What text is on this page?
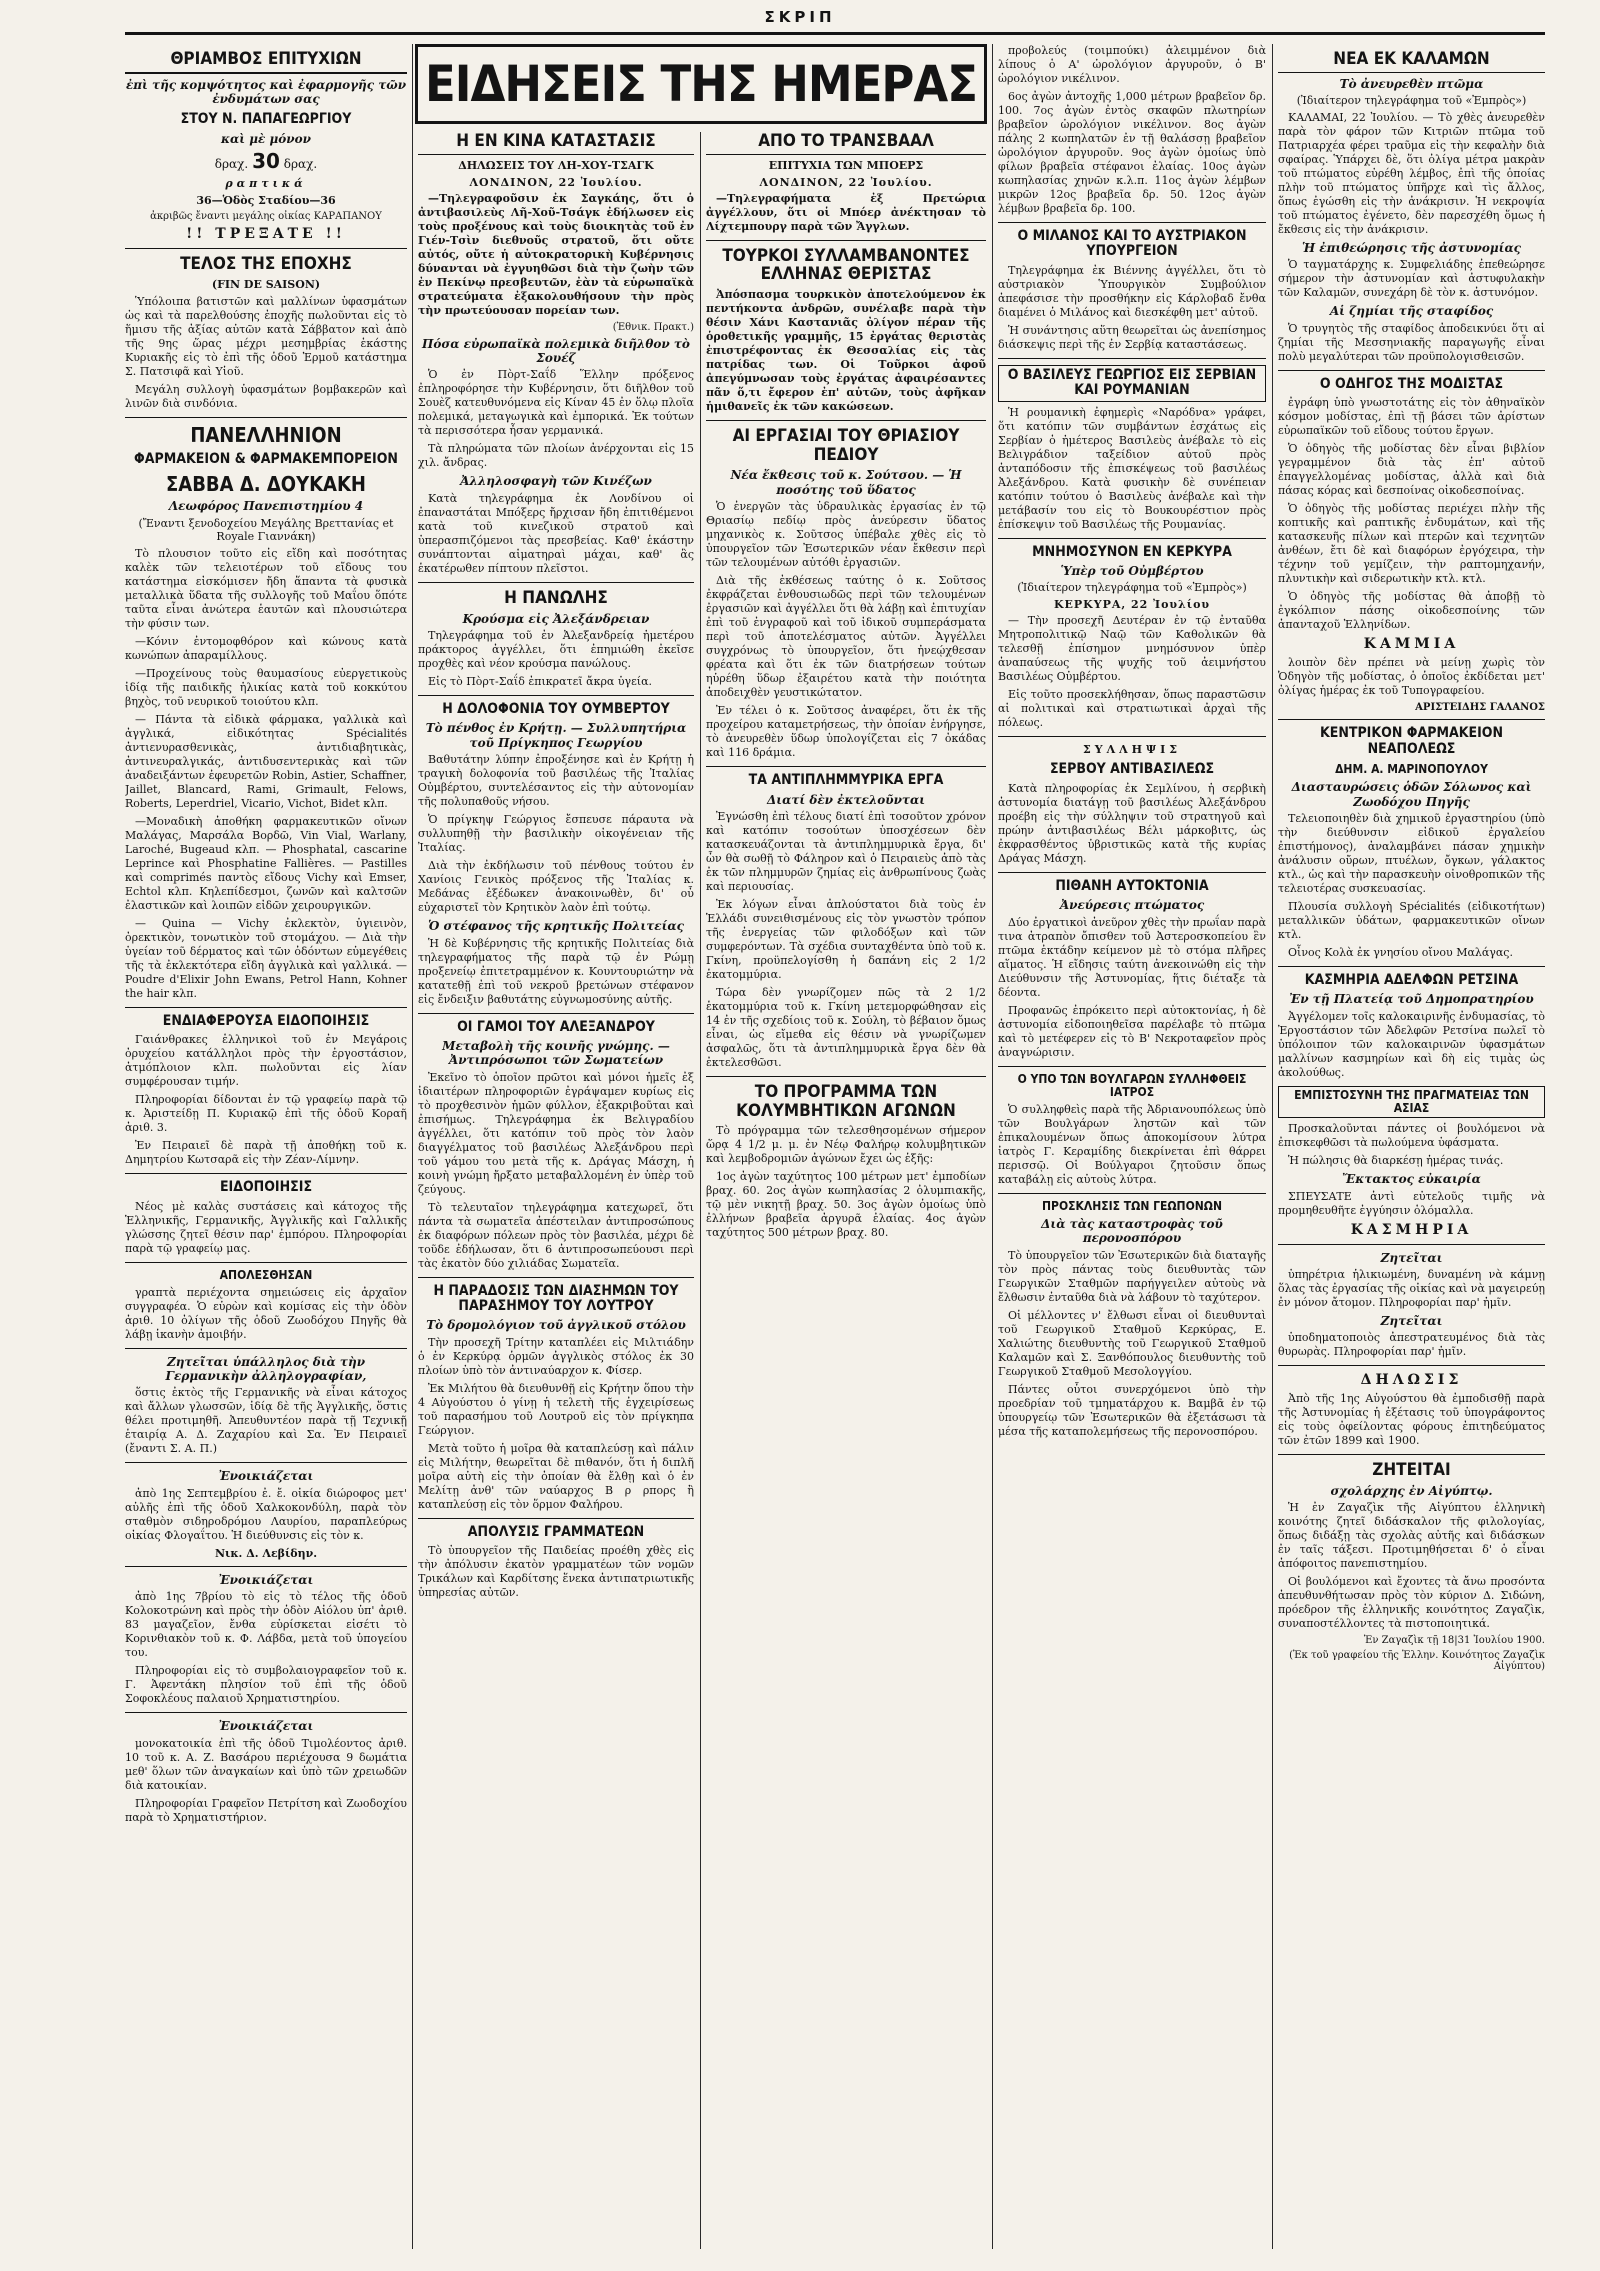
ΣΚΡΙΠ
ΘΡΙΑΜΒΟΣ ΕΠΙΤΥΧΙΩΝ
ἐπὶ τῆς κομψότητος καὶ ἐφαρμογῆς τῶν ἐνδυμάτων σας
ΣΤΟΥ Ν. ΠΑΠΑΓΕΩΡΓΙΟΥ
καὶ μὲ μόνον
δραχ. 30 δραχ.
ραπτικά
36—Ὁδὸς Σταδίου—36
ἀκριβῶς ἔναντι μεγάλης οἰκίας ΚΑΡΑΠΑΝΟΥ
!! ΤΡΕΞΑΤΕ !!
ΤΕΛΟΣ ΤΗΣ ΕΠΟΧΗΣ
(FIN DE SAISON)

Ὑπόλοιπα βατιστῶν καὶ μαλλίνων ὑφασμάτων ὡς καὶ τὰ παρελθούσης ἐποχῆς πωλοῦνται εἰς τὸ ἥμισυ τῆς ἀξίας αὐτῶν κατὰ Σάββατον καὶ ἀπὸ τῆς 9ης ὥρας μέχρι μεσημβρίας ἑκάστης Κυριακῆς εἰς τὸ ἐπὶ τῆς ὁδοῦ Ἑρμοῦ κατάστημα Σ. Πατσιφᾶ καὶ Υἱοῦ.

Μεγάλη συλλογὴ ὑφασμάτων βομβακερῶν καὶ λινῶν διὰ σινδόνια.

ΠΑΝΕΛΛΗΝΙΟΝ
ΦΑΡΜΑΚΕΙΟΝ & ΦΑΡΜΑΚΕΜΠΟΡΕΙΟΝ
ΣΑΒΒΑ Δ. ΔΟΥΚΑΚΗ
Λεωφόρος Πανεπιστημίου 4
(Ἔναντι ξενοδοχείου Μεγάλης Βρεττανίας et Royale Γιαννάκη)

Τὸ πλουσιον τοῦτο εἰς εἴδη καὶ ποσότητας καλὲκ τῶν τελειοτέρων τοῦ εἴδους του κατάστημα εἰσκόμισεν ἤδη ἅπαντα τὰ φυσικὰ μεταλλικὰ ὕδατα τῆς συλλογῆς τοῦ Μαΐου ὅπότε ταῦτα εἶναι ἀνώτερα ἑαυτῶν καὶ πλουσιώτερα τὴν φύσιν των.

—Κόνιν ἐντομοφθόρον καὶ κώνους κατὰ κωνώπων ἀπαραμίλλους.

—Προχείνους τοὺς θαυμασίους εὐεργετικοὺς ἰδίᾳ τῆς παιδικῆς ἡλικίας κατὰ τοῦ κοκκύτου βηχὸς, τοῦ νευρικοῦ τοιούτου κλπ.

— Πάντα τὰ εἰδικὰ φάρμακα, γαλλικὰ καὶ ἀγγλικά, εἰδικότητας Spécialités ἀντιενυρασθενικὰς, ἀντιδιαβητικὰς, ἀντινευραλγικάς, ἀντιδυσεντερικὰς καὶ τῶν ἀναδειξάντων ἐφευρετῶν Robin, Astier, Schaffner, Jaillet, Blancard, Rami, Grimault, Felows, Roberts, Leperdriel, Vicario, Vichot, Bidet κλπ.

—Μοναδικὴ ἀποθήκη φαρμακευτικῶν οἴνων Μαλάγας, Μαρσάλα Βορδῶ, Vin Vial, Warlany, Laroché, Bugeaud κλπ. — Phosphatal, cascarine Leprince καὶ Phosphatine Fallières. — Pastilles καὶ comprimés παντὸς εἴδους Vichy καὶ Emser, Echtol κλπ. Κηλεπίδεσμοι, ζωνῶν καὶ καλτσῶν ἐλαστικῶν καὶ λοιπῶν εἰδῶν χειρουργικῶν.

— Quina — Vichy ἐκλεκτὸν, ὑγιεινὸν, ὀρεκτικὸν, τονωτικὸν τοῦ στομάχου. — Διὰ τὴν ὑγείαν τοῦ δέρματος καὶ τῶν ὀδόντων εὐμεγέθεις τῆς τὰ ἐκλεκτότερα εἴδη ἀγγλικὰ καὶ γαλλικά. — Poudre d'Elixir John Ewans, Petrol Hann, Kohner the hair κλπ.

ΕΝΔΙΑΦΕΡΟΥΣΑ ΕΙΔΟΠΟΙΗΣΙΣ

Γαιάνθρακες ἑλληνικοὶ τοῦ ἐν Μεγάροις ὀρυχείου κατάλληλοι πρὸς τὴν ἐργοστάσιον, ἀτμόπλοιον κλπ. πωλοῦνται εἰς λίαν συμφέρουσαν τιμήν.

Πληροφορίαι δίδονται ἐν τῷ γραφείῳ παρὰ τῷ κ. Ἀριστείδῃ Π. Κυριακῷ ἐπὶ τῆς ὁδοῦ Κοραῆ ἀριθ. 3.

Ἐν Πειραιεῖ δὲ παρὰ τῇ ἀποθήκῃ τοῦ κ. Δημητρίου Κωτσαρᾶ εἰς τὴν Ζέαν-Λίμνην.

ΕΙΔΟΠΟΙΗΣΙΣ

Νέος μὲ καλὰς συστάσεις καὶ κάτοχος τῆς Ἑλληνικῆς, Γερμανικῆς, Ἀγγλικῆς καὶ Γαλλικῆς γλώσσης ζητεῖ θέσιν παρ' ἐμπόρου. Πληροφορίαι παρὰ τῷ γραφείῳ μας.

ΑΠΟΛΕΣΘΗΣΑΝ

γραπτὰ περιέχοντα σημειώσεις εἰς ἀρχαῖον συγγραφέα. Ὁ εὑρὼν καὶ κομίσας εἰς τὴν ὁδὸν ἀριθ. 10 ὀλίγων τῆς ὁδοῦ Ζωοδόχου Πηγῆς θὰ λάβῃ ἱκανὴν ἀμοιβήν.

Ζητεῖται ὑπάλληλος διὰ τὴν Γερμανικὴν ἀλληλογραφίαν,

ὅστις ἐκτὸς τῆς Γερμανικῆς νὰ εἶναι κάτοχος καὶ ἄλλων γλωσσῶν, ἰδίᾳ δὲ τῆς Ἀγγλικῆς, ὅστις θέλει προτιμηθῆ. Ἀπευθυντέον παρὰ τῇ Τεχνικῇ ἑταιρίᾳ Α. Δ. Ζαχαρίου καὶ Σα. Ἐν Πειραιεῖ (ἔναντι Σ. Α. Π.)

Ἐνοικιάζεται

ἀπὸ 1ης Σεπτεμβρίου ἐ. ἔ. οἰκία διώροφος μετ' αὐλῆς ἐπὶ τῆς ὁδοῦ Χαλκοκονδύλη, παρὰ τὸν σταθμὸν σιδηροδρόμου Λαυρίου, παραπλεύρως οἰκίας Φλογαΐτου. Ἡ διεύθυνσις εἰς τὸν κ.

Νικ. Δ. Λεβίδην.
Ἐνοικιάζεται

ἀπὸ 1ης 7βρίου τὸ εἰς τὸ τέλος τῆς ὁδοῦ Κολοκοτρώνη καὶ πρὸς τὴν ὁδὸν Αἰόλου ὑπ' ἀριθ. 83 μαγαζεῖον, ἔνθα εὑρίσκεται εἰσέτι τὸ Κορινθιακὸν τοῦ κ. Φ. Λάβδα, μετὰ τοῦ ὑπογείου του.

Πληροφορίαι εἰς τὸ συμβολαιογραφεῖον τοῦ κ. Γ. Ἀφεντάκη πλησίον τοῦ ἐπὶ τῆς ὁδοῦ Σοφοκλέους παλαιοῦ Χρηματιστηρίου.

Ἐνοικιάζεται

μονοκατοικία ἐπὶ τῆς ὁδοῦ Τιμολέοντος ἀριθ. 10 τοῦ κ. Α. Ζ. Βασάρου περιέχουσα 9 δωμάτια μεθ' ὅλων τῶν ἀναγκαίων καὶ ὑπὸ τῶν χρειωδῶν διὰ κατοικίαν.

Πληροφορίαι Γραφεῖον Πετρίτση καὶ Ζωοδοχίου παρὰ τὸ Χρηματιστήριον.

ΕΙΔΗΣΕΙΣ ΤΗΣ ΗΜΕΡΑΣ
Η ΕΝ ΚΙΝΑ ΚΑΤΑΣΤΑΣΙΣ
ΔΗΛΩΣΕΙΣ ΤΟΥ ΛΗ-ΧΟΥ-ΤΣΑΓΚ
ΛΟΝΔΙΝΟΝ, 22 Ἰουλίου.

—Τηλεγραφοῦσιν ἐκ Σαγκάης, ὅτι ὁ ἀντιβασιλεὺς Λῆ-Χοῦ-Τσάγκ ἐδήλωσεν εἰς τοὺς προξένους καὶ τοὺς διοικητὰς τοῦ ἐν Γιέν-Τσὶν διεθνοῦς στρατοῦ, ὅτι οὔτε αὐτός, οὔτε ἡ αὐτοκρατορικὴ Κυβέρνησις δύνανται νὰ ἐγγυηθῶσι διὰ τὴν ζωὴν τῶν ἐν Πεκίνῳ πρεσβευτῶν, ἐὰν τὰ εὐρωπαϊκὰ στρατεύματα ἐξακολουθήσουν τὴν πρὸς τὴν πρωτεύουσαν πορείαν των.

(Ἐθνικ. Πρακτ.)
Πόσα εὐρωπαϊκὰ πολεμικὰ διῆλθον τὸ Σουέζ

Ὁ ἐν Πὸρτ-Σαΐδ Ἕλλην πρόξενος ἐπληροφόρησε τὴν Κυβέρνησιν, ὅτι διῆλθον τοῦ Σουὲζ κατευθυνόμενα εἰς Κίναν 45 ἐν ὅλῳ πλοῖα πολεμικά, μεταγωγικὰ καὶ ἐμπορικά. Ἐκ τούτων τὰ περισσότερα ἦσαν γερμανικά.

Τὰ πληρώματα τῶν πλοίων ἀνέρχονται εἰς 15 χιλ. ἄνδρας.

Ἀλληλοσφαγὴ τῶν Κινέζων

Κατὰ τηλεγράφημα ἐκ Λονδίνου οἱ ἐπαναστάται Μπόξερς ἤρχισαν ἤδη ἐπιτιθέμενοι κατὰ τοῦ κινεζικοῦ στρατοῦ καὶ ὑπερασπιζόμενοι τὰς πρεσβείας. Καθ' ἑκάστην συνάπτονται αἱματηραὶ μάχαι, καθ' ἃς ἑκατέρωθεν πίπτουν πλεῖστοι.

Η ΠΑΝΩΛΗΣ
Κρούσμα εἰς Ἀλεξάνδρειαν

Τηλεγράφημα τοῦ ἐν Ἀλεξανδρείᾳ ἡμετέρου πράκτορος ἀγγέλλει, ὅτι ἐπημιώθη ἐκεῖσε προχθὲς καὶ νέον κρούσμα πανώλους.

Εἰς τὸ Πὸρτ-Σαΐδ ἐπικρατεῖ ἄκρα ὑγεία.

Η ΔΟΛΟΦΟΝΙΑ ΤΟΥ ΟΥΜΒΕΡΤΟΥ
Τὸ πένθος ἐν Κρήτῃ. — Συλλυπητήρια τοῦ Πρίγκηπος Γεωργίου

Βαθυτάτην λύπην ἐπροξένησε καὶ ἐν Κρήτῃ ἡ τραγικὴ δολοφονία τοῦ βασιλέως τῆς Ἰταλίας Οὐμβέρτου, συντελέσαντος εἰς τὴν αὐτονομίαν τῆς πολυπαθοῦς νήσου.

Ὁ πρίγκηψ Γεώργιος ἔσπευσε πάραυτα νὰ συλλυπηθῇ τὴν βασιλικὴν οἰκογένειαν τῆς Ἰταλίας.

Διὰ τὴν ἐκδήλωσιν τοῦ πένθους τούτου ἐν Χανίοις Γενικὸς πρόξενος τῆς Ἰταλίας κ. Μεδάνας ἐξέδωκεν ἀνακοινωθὲν, δι' οὗ εὐχαριστεῖ τὸν Κρητικὸν λαὸν ἐπὶ τούτῳ.

Ὁ στέφανος τῆς κρητικῆς Πολιτείας

Ἡ δὲ Κυβέρνησις τῆς κρητικῆς Πολιτείας διὰ τηλεγραφήματος τῆς παρὰ τῷ ἐν Ρώμῃ προξενείῳ ἐπιτετραμμένον κ. Κουντουριώτην νὰ κατατεθῇ ἐπὶ τοῦ νεκροῦ βρετώνων στέφανον εἰς ἔνδειξιν βαθυτάτης εὐγνωμοσύνης αὐτῆς.

ΟΙ ΓΑΜΟΙ ΤΟΥ ΑΛΕΞΑΝΔΡΟΥ
Μεταβολὴ τῆς κοινῆς γνώμης. — Ἀντιπρόσωποι τῶν Σωματείων

Ἐκεῖνο τὸ ὁποῖον πρῶτοι καὶ μόνοι ἡμεῖς ἐξ ἰδιαιτέρων πληροφοριῶν ἐγράψαμεν κυρίως εἰς τὸ προχθεσινὸν ἡμῶν φύλλον, ἐξακριβοῦται καὶ ἐπισήμως. Τηλεγράφημα ἐκ Βελιγραδίου ἀγγέλλει, ὅτι κατόπιν τοῦ πρὸς τὸν λαὸν διαγγέλματος τοῦ βασιλέως Ἀλεξάνδρου περὶ τοῦ γάμου του μετὰ τῆς κ. Δράγας Μάσχη, ἡ κοινὴ γνώμη ἤρξατο μεταβαλλομένη ἐν ὑπὲρ τοῦ ζεύγους.

Τὸ τελευταῖον τηλεγράφημα κατεχωρεῖ, ὅτι πάντα τὰ σωματεῖα ἀπέστειλαν ἀντιπροσώπους ἐκ διαφόρων πόλεων πρὸς τὸν βασιλέα, μέχρι δὲ τοῦδε ἐδήλωσαν, ὅτι 6 ἀντιπροσωπεύουσι περὶ τὰς ἑκατὸν δύο χιλιάδας Σωματεῖα.

Η ΠΑΡΑΔΟΣΙΣ ΤΩΝ ΔΙΑΣΗΜΩΝ ΤΟΥ ΠΑΡΑΣΗΜΟΥ ΤΟΥ ΛΟΥΤΡΟΥ
Τὸ δρομολόγιον τοῦ ἀγγλικοῦ στόλου

Τὴν προσεχῆ Τρίτην καταπλέει εἰς Μιλτιάδην ὁ ἐν Κερκύρᾳ ὁρμῶν ἀγγλικὸς στόλος ἐκ 30 πλοίων ὑπὸ τὸν ἀντιναύαρχον κ. Φίσερ.

Ἐκ Μιλήτου θὰ διευθυνθῇ εἰς Κρήτην ὅπου τὴν 4 Αὐγούστου ὁ γίνῃ ἡ τελετὴ τῆς ἐγχειρίσεως τοῦ παρασήμου τοῦ Λουτροῦ εἰς τὸν πρίγκηπα Γεώργιον.

Μετὰ τοῦτο ἡ μοῖρα θὰ καταπλεύσῃ καὶ πάλιν εἰς Μιλήτην, θεωρεῖται δὲ πιθανόν, ὅτι ἡ διπλῆ μοῖρα αὐτὴ εἰς τὴν ὁποίαν θὰ ἔλθῃ καὶ ὁ ἐν Μελίτῃ ἀνθ' τῶν ναύαρχος Β ρ ρπορς ἢ καταπλεύσῃ εἰς τὸν ὅρμον Φαλήρου.

ΑΠΟΛΥΣΙΣ ΓΡΑΜΜΑΤΕΩΝ

Τὸ ὑπουργεῖον τῆς Παιδείας προέθη χθὲς εἰς τὴν ἀπόλυσιν ἑκατὸν γραμματέων τῶν νομῶν Τρικάλων καὶ Καρδίτσης ἕνεκα ἀντιπατριωτικῆς ὑπηρεσίας αὐτῶν.

ΑΠΟ ΤΟ ΤΡΑΝΣΒΑΑΛ
ΕΠΙΤΥΧΙΑ ΤΩΝ ΜΠΟΕΡΣ
ΛΟΝΔΙΝΟΝ, 22 Ἰουλίου.

—Τηλεγραφήματα ἐξ Πρετώρια ἀγγέλλουν, ὅτι οἱ Μπόερ ἀνέκτησαν τὸ Λίχτεμπουργ παρὰ τῶν Ἄγγλων.

ΤΟΥΡΚΟΙ ΣΥΛΛΑΜΒΑΝΟΝΤΕΣ ΕΛΛΗΝΑΣ ΘΕΡΙΣΤΑΣ

Ἀπόσπασμα τουρκικὸν ἀποτελούμενον ἐκ πεντήκοντα ἀνδρῶν, συνέλαβε παρὰ τὴν θέσιν Χάνι Καστανιᾶς ὀλίγον πέραν τῆς ὁροθετικῆς γραμμῆς, 15 ἐργάτας θεριστὰς ἐπιστρέφοντας ἐκ Θεσσαλίας εἰς τὰς πατρίδας των. Οἱ Τοῦρκοι ἀφοῦ ἀπεγύμνωσαν τοὺς ἐργάτας ἀφαιρέσαντες πᾶν ὅ,τι ἔφερον ἐπ' αὐτῶν, τοὺς ἀφῆκαν ἡμιθανεῖς ἐκ τῶν κακώσεων.

ΑΙ ΕΡΓΑΣΙΑΙ ΤΟΥ ΘΡΙΑΣΙΟΥ ΠΕΔΙΟΥ
Νέα ἔκθεσις τοῦ κ. Σούτσου. — Ἡ ποσότης τοῦ ὕδατος

Ὁ ἐνεργῶν τὰς ὑδραυλικὰς ἐργασίας ἐν τῷ Θριασίῳ πεδίῳ πρὸς ἀνεύρεσιν ὕδατος μηχανικὸς κ. Σοῦτσος ὑπέβαλε χθὲς εἰς τὸ ὑπουργεῖον τῶν Ἐσωτερικῶν νέαν ἔκθεσιν περὶ τῶν τελουμένων αὐτόθι ἐργασιῶν.

Διὰ τῆς ἐκθέσεως ταύτης ὁ κ. Σοῦτσος ἐκφράζεται ἐνθουσιωδῶς περὶ τῶν τελουμένων ἐργασιῶν καὶ ἀγγέλλει ὅτι θὰ λάβῃ καὶ ἐπιτυχίαν ἐπὶ τοῦ ἐνγραφοῦ καὶ τοῦ ἰδικοῦ συμπεράσματα περὶ τοῦ ἀποτελέσματος αὐτῶν. Ἀγγέλλει συγχρόνως τὸ ὑπουργεῖον, ὅτι ἠνεῴχθεσαν φρέατα καὶ ὅτι ἐκ τῶν διατρήσεων τούτων ηὑρέθη ὕδωρ ἐξαιρέτου κατὰ τὴν ποιότητα ἀποδειχθὲν γευστικώτατον.

Ἐν τέλει ὁ κ. Σοῦτσος ἀναφέρει, ὅτι ἐκ τῆς προχείρου καταμετρήσεως, τὴν ὁποίαν ἐνήργησε, τὸ ἀνευρεθὲν ὕδωρ ὑπολογίζεται εἰς 7 ὀκάδας καὶ 116 δράμια.

ΤΑ ΑΝΤΙΠΛΗΜΜΥΡΙΚΑ ΕΡΓΑ
Διατί δὲν ἐκτελοῦνται

Ἐγνώσθη ἐπὶ τέλους διατί ἐπὶ τοσοῦτον χρόνον καὶ κατόπιν τοσούτων ὑποσχέσεων δὲν κατασκευάζονται τὰ ἀντιπλημμυρικὰ ἔργα, δι' ὧν θὰ σωθῇ τὸ Φάληρον καὶ ὁ Πειραιεὺς ἀπὸ τὰς ἐκ τῶν πλημμυρῶν ζημίας εἰς ἀνθρωπίνους ζωὰς καὶ περιουσίας.

Ἐκ λόγων εἶναι ἀπλούστατοι διὰ τοὺς ἐν Ἑλλάδι συνειθισμένους εἰς τὸν γνωστὸν τρόπον τῆς ἐνεργείας τῶν φιλοδόξων καὶ τῶν συμφερόντων. Τὰ σχέδια συνταχθέντα ὑπὸ τοῦ κ. Γκίνη, προϋπελογίσθη ἡ δαπάνη εἰς 2 1/2 ἑκατομμύρια.

Τώρα δὲν γνωρίζομεν πῶς τὰ 2 1/2 ἑκατομμύρια τοῦ κ. Γκίνη μετεμορφώθησαν εἰς 14 ἐν τῆς σχεδίοις τοῦ κ. Σούλη, τὸ βέβαιον ὅμως εἶναι, ὡς εἴμεθα εἰς θέσιν νὰ γνωρίζωμεν ἀσφαλῶς, ὅτι τὰ ἀντιπλημμυρικὰ ἔργα δὲν θὰ ἐκτελεσθῶσι.

ΤΟ ΠΡΟΓΡΑΜΜΑ ΤΩΝ ΚΟΛΥΜΒΗΤΙΚΩΝ ΑΓΩΝΩΝ

Τὸ πρόγραμμα τῶν τελεσθησομένων σήμερον ὥρᾳ 4 1/2 μ. μ. ἐν Νέῳ Φαλήρῳ κολυμβητικῶν καὶ λεμβοδρομιῶν ἀγώνων ἔχει ὡς ἑξῆς:

1ος ἀγὼν ταχύτητος 100 μέτρων μετ' ἐμποδίων βραχ. 60. 2ος ἀγὼν κωπηλασίας 2 ὀλυμπιακῆς, τῷ μὲν νικητῇ βραχ. 50. 3ος ἀγὼν ὁμοίως ὑπὸ ἐλλήνων βραβεῖα ἀργυρᾶ ἐλαίας. 4ος ἀγὼν ταχύτητος 500 μέτρων βραχ. 80.

προβολεύς (τοιμπούκι) ἀλειμμένον διὰ λίπους ὁ Α' ὡρολόγιον ἀργυροῦν, ὁ Β' ὡρολόγιον νικέλινον.

6ος ἀγὼν ἀντοχῆς 1,000 μέτρων βραβεῖον δρ. 100. 7ος ἀγὼν ἐντὸς σκαφῶν πλωτηρίων βραβεῖον ὡρολόγιον νικέλινον. 8ος ἀγὼν πάλης 2 κωπηλατῶν ἐν τῇ θαλάσσῃ βραβεῖον ὡρολόγιον ἀργυροῦν. 9ος ἀγὼν ὁμοίως ὑπὸ φίλων βραβεῖα στέφανοι ἐλαίας. 10ος ἀγὼν κωπηλασίας χηνῶν κ.λ.π. 11ος ἀγὼν λέμβων μικρῶν 12ος βραβεῖα δρ. 50. 12ος ἀγὼν λέμβων βραβεῖα δρ. 100.

Ο ΜΙΛΑΝΟΣ ΚΑΙ ΤΟ ΑΥΣΤΡΙΑΚΟΝ ΥΠΟΥΡΓΕΙΟΝ

Τηλεγράφημα ἐκ Βιέννης ἀγγέλλει, ὅτι τὸ αὐστριακὸν Ὑπουργικὸν Συμβούλιον ἀπεφάσισε τὴν προσθήκην εἰς Κάρλοβαδ ἔνθα διαμένει ὁ Μιλάνος καὶ διεσκέφθη μετ' αὐτοῦ.

Ἡ συνάντησις αὕτη θεωρεῖται ὡς ἀνεπίσημος διάσκεψις περὶ τῆς ἐν Σερβίᾳ καταστάσεως.

Ο ΒΑΣΙΛΕΥΣ ΓΕΩΡΓΙΟΣ ΕΙΣ ΣΕΡΒΙΑΝ ΚΑΙ ΡΟΥΜΑΝΙΑΝ

Ἡ ρουμανικὴ ἐφημερὶς «Ναρόδνα» γράφει, ὅτι κατόπιν τῶν συμβάντων ἐσχάτως εἰς Σερβίαν ὁ ἡμέτερος Βασιλεὺς ἀνέβαλε τὸ εἰς Βελιγράδιον ταξείδιον αὐτοῦ πρὸς ἀνταπόδοσιν τῆς ἐπισκέψεως τοῦ βασιλέως Ἀλεξάνδρου. Κατὰ φυσικὴν δὲ συνέπειαν κατόπιν τούτου ὁ Βασιλεὺς ἀνέβαλε καὶ τὴν μετάβασίν του εἰς τὸ Βουκουρέστιον πρὸς ἐπίσκεψιν τοῦ Βασιλέως τῆς Ρουμανίας.

ΜΝΗΜΟΣΥΝΟΝ ΕΝ ΚΕΡΚΥΡΑ
Ὑπὲρ τοῦ Οὐμβέρτου
(Ἰδιαίτερον τηλεγράφημα τοῦ «Ἐμπρὸς»)
ΚΕΡΚΥΡΑ, 22 Ἰουλίου

— Τὴν προσεχῆ Δευτέραν ἐν τῷ ἐνταῦθα Μητροπολιτικῷ Ναῷ τῶν Καθολικῶν θὰ τελεσθῇ ἐπίσημον μνημόσυνον ὑπὲρ ἀναπαύσεως τῆς ψυχῆς τοῦ ἀειμνήστου Βασιλέως Οὐμβέρτου.

Εἰς τοῦτο προσεκλήθησαν, ὅπως παραστῶσιν αἱ πολιτικαὶ καὶ στρατιωτικαὶ ἀρχαὶ τῆς πόλεως.

ΣΥΛΛΗΨΙΣ
ΣΕΡΒΟΥ ΑΝΤΙΒΑΣΙΛΕΩΣ

Κατὰ πληροφορίας ἐκ Σεμλίνου, ἡ σερβικὴ ἀστυνομία διατάγῃ τοῦ βασιλέως Ἀλεξάνδρου προέβη εἰς τὴν σύλληψιν τοῦ στρατηγοῦ καὶ πρώην ἀντιβασιλέως Βέλι μάρκοβιτς, ὡς ἐκφρασθέντος ὑβριστικῶς κατὰ τῆς κυρίας Δράγας Μάσχη.

ΠΙΘΑΝΗ ΑΥΤΟΚΤΟΝΙΑ
Ἀνεύρεσις πτώματος

Δύο ἐργατικοὶ ἀνεῦρον χθὲς τὴν πρωΐαν παρὰ τινα ἀτραπὸν ὄπισθεν τοῦ Ἀστεροσκοπείου ἓν πτῶμα ἐκτάδην κείμενον μὲ τὸ στόμα πλῆρες αἵματος. Ἡ εἴδησις ταύτη ἀνεκοινώθη εἰς τὴν Διεύθυνσιν τῆς Ἀστυνομίας, ἥτις διέταξε τὰ δέοντα.

Προφανῶς ἐπρόκειτο περὶ αὐτοκτονίας, ἡ δὲ ἀστυνομία εἰδοποιηθεῖσα παρέλαβε τὸ πτῶμα καὶ τὸ μετέφερεν εἰς τὸ Β' Νεκροταφεῖον πρὸς ἀναγνώρισιν.

Ο ΥΠΟ ΤΩΝ ΒΟΥΛΓΑΡΩΝ ΣΥΛΛΗΦΘΕΙΣ ΙΑΤΡΟΣ

Ὁ συλληφθεὶς παρὰ τῆς Ἀδριανουπόλεως ὑπὸ τῶν Βουλγάρων ληστῶν καὶ τῶν ἐπικαλουμένων ὅπως ἀποκομίσουν λύτρα ἰατρὸς Γ. Κεραμίδης διεκρίνεται ἐπὶ θάρρει περισσῷ. Οἱ Βούλγαροι ζητοῦσιν ὅπως καταβάλῃ εἰς αὐτοὺς λύτρα.

ΠΡΟΣΚΛΗΣΙΣ ΤΩΝ ΓΕΩΠΟΝΩΝ
Διὰ τὰς καταστροφὰς τοῦ περονοσπόρου

Τὸ ὑπουργεῖον τῶν Ἐσωτερικῶν διὰ διαταγῆς τὸν πρὸς πάντας τοὺς διευθυντὰς τῶν Γεωργικῶν Σταθμῶν παρήγγειλεν αὐτοὺς νὰ ἔλθωσιν ἐνταῦθα διὰ νὰ λάβουν τὸ ταχύτερον.

Οἱ μέλλοντες ν' ἔλθωσι εἶναι οἱ διευθυνταὶ τοῦ Γεωργικοῦ Σταθμοῦ Κερκύρας, Ε. Χαλιώτης διευθυντὴς τοῦ Γεωργικοῦ Σταθμοῦ Καλαμῶν καὶ Σ. Ξανθόπουλος διευθυντὴς τοῦ Γεωργικοῦ Σταθμοῦ Μεσολογγίου.

Πάντες οὗτοι συνερχόμενοι ὑπὸ τὴν προεδρίαν τοῦ τμηματάρχου κ. Βαμβᾶ ἐν τῷ ὑπουργείῳ τῶν Ἐσωτερικῶν θὰ ἐξετάσωσι τὰ μέσα τῆς καταπολεμήσεως τῆς περονοσπόρου.

ΝΕΑ ΕΚ ΚΑΛΑΜΩΝ
Τὸ ἀνευρεθὲν πτῶμα
(Ἰδιαίτερον τηλεγράφημα τοῦ «Ἐμπρὸς»)

ΚΑΛΑΜΑΙ, 22 Ἰουλίου. — Τὸ χθὲς ἀνευρεθὲν παρὰ τὸν φάρον τῶν Κιτριῶν πτῶμα τοῦ Πατριαρχέα φέρει τραῦμα εἰς τὴν κεφαλὴν διὰ σφαίρας. Ὑπάρχει δὲ, ὅτι ὀλίγα μέτρα μακρὰν τοῦ πτώματος εὑρέθη λέμβος, ἐπὶ τῆς ὁποίας πλὴν τοῦ πτώματος ὑπῆρχε καὶ τὶς ἄλλος, ὅπως ἐγώσθη εἰς τὴν ἀνάκρισιν. Ἡ νεκροψία τοῦ πτώματος ἐγένετο, δὲν παρεσχέθη ὅμως ἡ ἔκθεσις εἰς τὴν ἀνάκρισιν.

Ἡ ἐπιθεώρησις τῆς ἀστυνομίας

Ὁ ταγματάρχης κ. Συμφελιάδης ἐπεθεώρησε σήμερον τὴν ἀστυνομίαν καὶ ἀστυφυλακὴν τῶν Καλαμῶν, συνεχάρη δὲ τὸν κ. ἀστυνόμον.

Αἱ ζημίαι τῆς σταφίδος

Ὁ τρυγητὸς τῆς σταφίδος ἀποδεικνύει ὅτι αἱ ζημίαι τῆς Μεσσηνιακῆς παραγωγῆς εἶναι πολὺ μεγαλύτεραι τῶν προϋπολογισθεισῶν.

Ο ΟΔΗΓΟΣ ΤΗΣ ΜΟΔΙΣΤΑΣ

ἐγράφη ὑπὸ γνωστοτάτης εἰς τὸν ἀθηναϊκὸν κόσμον μοδίστας, ἐπὶ τῇ βάσει τῶν ἀρίστων εὐρωπαϊκῶν τοῦ εἴδους τούτου ἔργων.

Ὁ ὁδηγὸς τῆς μοδίστας δὲν εἶναι βιβλίον γεγραμμένον διὰ τὰς ἐπ' αὐτοῦ ἐπαγγελλομένας μοδίστας, ἀλλὰ καὶ διὰ πάσας κόρας καὶ δεσποίνας οἰκοδεσποίνας.

Ὁ ὁδηγὸς τῆς μοδίστας περιέχει πλὴν τῆς κοπτικῆς καὶ ραπτικῆς ἐνδυμάτων, καὶ τῆς κατασκευῆς πίλων καὶ πτερῶν καὶ τεχνητῶν ἀνθέων, ἔτι δὲ καὶ διαφόρων ἐργόχειρα, τὴν τέχνην τοῦ γεμίζειν, τὴν ραπτομηχανήν, πλυντικὴν καὶ σιδερωτικὴν κτλ. κτλ.

Ὁ ὁδηγὸς τῆς μοδίστας θὰ ἀποβῇ τὸ ἐγκόλπιον πάσης οἰκοδεσποίνης τῶν ἀπανταχοῦ Ἑλληνίδων.

ΚΑΜΜΙΑ

λοιπὸν δὲν πρέπει νὰ μείνῃ χωρὶς τὸν Ὁδηγὸν τῆς μοδίστας, ὁ ὁποῖος ἐκδίδεται μετ' ὀλίγας ἡμέρας ἐκ τοῦ Τυπογραφείου.

ΑΡΙΣΤΕΙΔΗΣ ΓΑΛΑΝΟΣ
ΚΕΝΤΡΙΚΟΝ ΦΑΡΜΑΚΕΙΟΝ ΝΕΑΠΟΛΕΩΣ
ΔΗΜ. Α. ΜΑΡΙΝΟΠΟΥΛΟΥ
Διασταυρώσεις ὁδῶν Σόλωνος καὶ Ζωοδόχου Πηγῆς

Τελειοποιηθὲν διὰ χημικοῦ ἐργαστηρίου (ὑπὸ τὴν διεύθυνσιν εἰδικοῦ ἐργαλείου ἐπιστήμονος), ἀναλαμβάνει πάσαν χημικὴν ἀνάλυσιν οὔρων, πτυέλων, ὄγκων, γάλακτος κτλ., ὡς καὶ τὴν παρασκευὴν οἰνοθροπικῶν τῆς τελειοτέρας συσκευασίας.

Πλουσία συλλογὴ Spécialités (εἰδικοτήτων) μεταλλικῶν ὑδάτων, φαρμακευτικῶν οἴνων κτλ.

Οἶνος Κολὰ ἐκ γνησίου οἴνου Μαλάγας.

ΚΑΣΜΗΡΙΑ ΑΔΕΛΦΩΝ ΡΕΤΣΙΝΑ
Ἐν τῇ Πλατείᾳ τοῦ Δημοπρατηρίου

Ἀγγέλομεν τοῖς καλοκαιρινῆς ἐνδυμασίας, τὸ Ἐργοστάσιον τῶν Ἀδελφῶν Ρετσίνα πωλεῖ τὸ ὑπόλοιπον τῶν καλοκαιρινῶν ὑφασμάτων μαλλίνων κασμηρίων καὶ δὴ εἰς τιμὰς ὡς ἀκολούθως.

ΕΜΠΙΣΤΟΣΥΝΗ ΤΗΣ ΠΡΑΓΜΑΤΕΙΑΣ ΤΩΝ ΑΣΙΑΣ

Προσκαλοῦνται πάντες οἱ βουλόμενοι νὰ ἐπισκεφθῶσι τὰ πωλούμενα ὑφάσματα.

Ἡ πώλησις θὰ διαρκέσῃ ἡμέρας τινάς.

Ἔκτακτος εὐκαιρία

ΣΠΕΥΣΑΤΕ ἀντὶ εὐτελοῦς τιμῆς νὰ προμηθευθῆτε ἐγγύησιν ὁλόμαλλα.

ΚΑΣΜΗΡΙΑ
Ζητεῖται

ὑπηρέτρια ἡλικιωμένη, δυναμένη νὰ κάμνῃ ὅλας τὰς ἐργασίας τῆς οἰκίας καὶ νὰ μαγειρεύῃ ἐν μόνον ἄτομον. Πληροφορίαι παρ' ἡμῖν.

Ζητεῖται

ὑποδηματοποιὸς ἀπεστρατευμένος διὰ τὰς θυρωρὰς. Πληροφορίαι παρ' ἡμῖν.

ΔΗΛΩΣΙΣ

Ἀπὸ τῆς 1ης Αὐγούστου θὰ ἐμποδισθῇ παρὰ τῆς Ἀστυνομίας ἡ ἐξέτασις τοῦ ὑπογράφοντος εἰς τοὺς ὀφείλοντας φόρους ἐπιτηδεύματος τῶν ἐτῶν 1899 καὶ 1900.

ΖΗΤΕΙΤΑΙ
σχολάρχης ἐν Αἰγύπτῳ.

Ἡ ἐν Ζαγαζὶκ τῆς Αἰγύπτου ἑλληνικὴ κοινότης ζητεῖ διδάσκαλον τῆς φιλολογίας, ὅπως διδάξῃ τὰς σχολὰς αὐτῆς καὶ διδάσκων ἐν ταῖς τάξεσι. Προτιμηθήσεται δ' ὁ εἶναι ἀπόφοιτος πανεπιστημίου.

Οἱ βουλόμενοι καὶ ἔχοντες τὰ ἄνω προσόντα ἀπευθυνθήτωσαν πρὸς τὸν κύριον Δ. Σιδώνη, πρόεδρον τῆς ἑλληνικῆς κοινότητος Ζαγαζὶκ, συναποστέλλοντες τὰ πιστοποιητικά.

Ἐν Ζαγαζὶκ τῇ 18|31 Ἰουλίου 1900.
(Ἐκ τοῦ γραφείου τῆς Ἑλλην. Κοινότητος Ζαγαζὶκ Αἰγύπτου)
